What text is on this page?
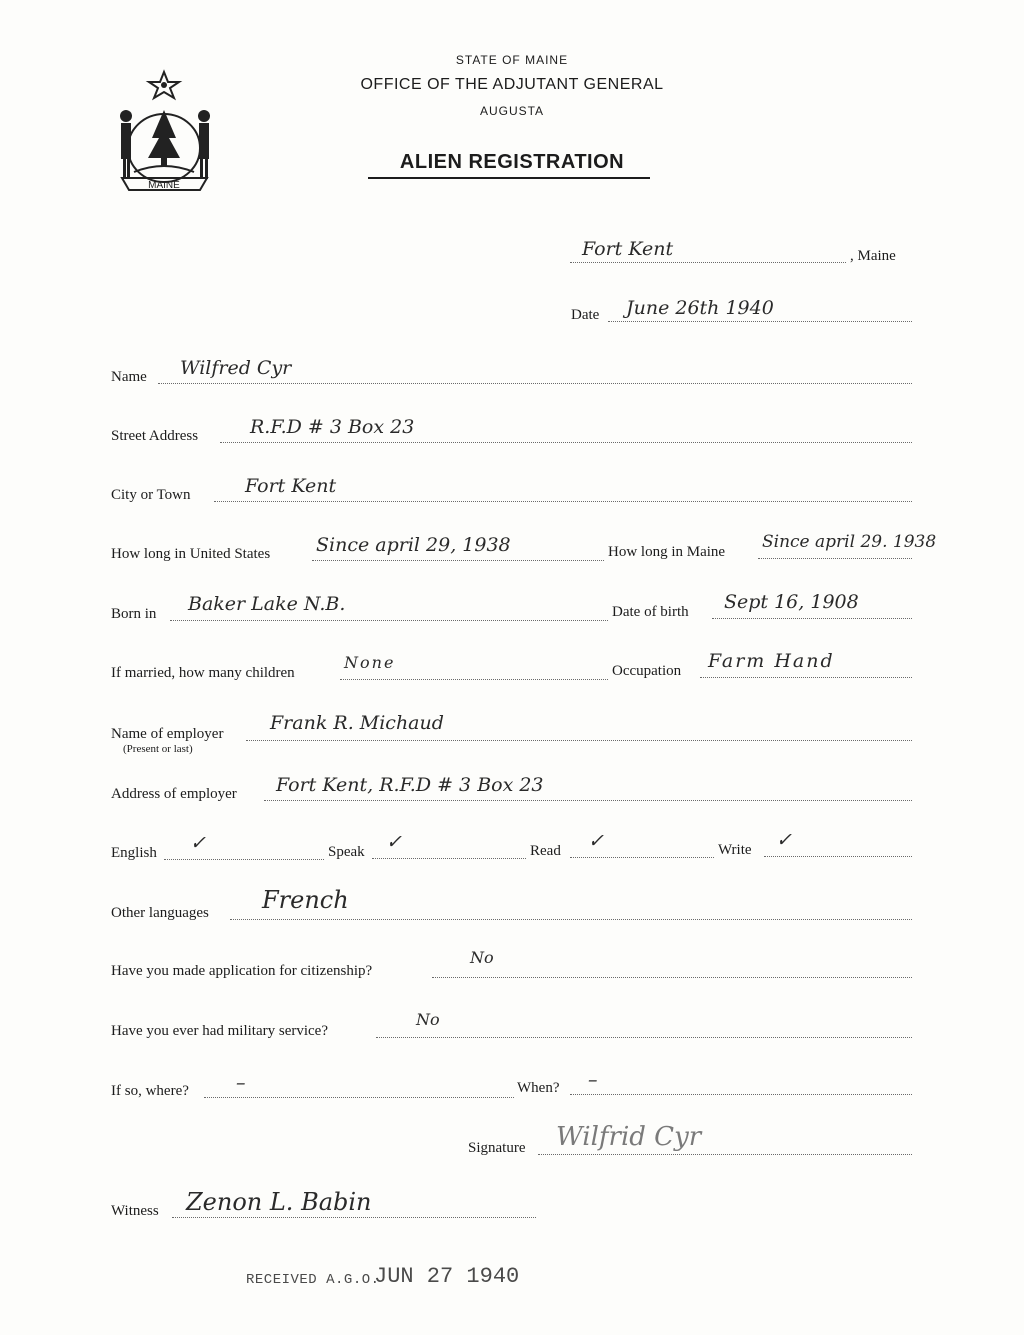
MAINE
STATE OF MAINE
OFFICE OF THE ADJUTANT GENERAL
AUGUSTA
ALIEN REGISTRATION
Fort Kent	, Maine
Date June 26th 1940
Name Wilfred Cyr
Street Address	R.F.D # 3 Box 23
City or Town	Fort Kent
How long in United States Since april 29, 1938	How long in Maine Since april 29. 1938
Born in Baker Lake N.B.	Date of birth Sept 16, 1908
If married, how many children
None	Occupation Farm Hand
Name of employer
(Present or last)
Frank R. Michaud
Address of employer Fort Kent, R.F.D # 3 Box 23
English ✓	Speak ✓	Read ✓	Write ✓
Other languages French
Have you made application for citizenship?
No
Have you ever had military service?
No
If so, where? –	When? –
Signature Wilfrid Cyr
Witness Zenon L. Babin
RECEIVED A.G.O.
JUN 27 1940
